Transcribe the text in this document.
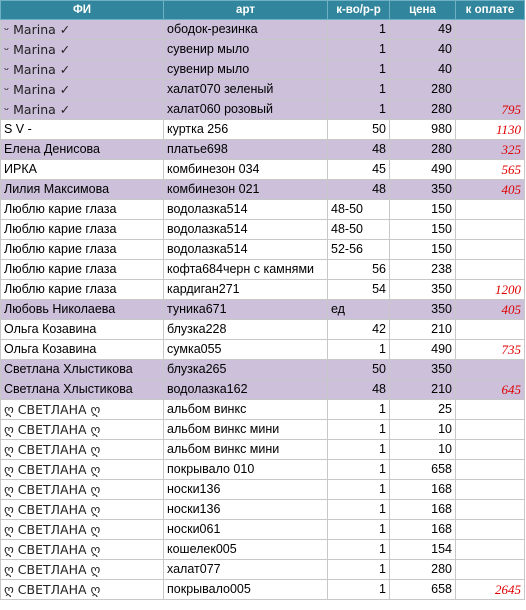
ФИ	арт	к-во/р-р	цена	к оплате
ᵕ Marina ✓	ободок-резинка	1	49	
ᵕ Marina ✓	сувенир мыло	1	40	
ᵕ Marina ✓	сувенир мыло	1	40	
ᵕ Marina ✓	халат070 зеленый	1	280	
ᵕ Marina ✓	халат060 розовый	1	280	795
S V -	куртка 256	50	980	1130
Елена Денисова	платье698	48	280	325
ИРКА	комбинезон 034	45	490	565
Лилия Максимова	комбинезон 021	48	350	405
Люблю карие глаза	водолазка514	48-50	150	
Люблю карие глаза	водолазка514	48-50	150	
Люблю карие глаза	водолазка514	52-56	150	
Люблю карие глаза	кофта684черн с камнями	56	238	
Люблю карие глаза	кардиган271	54	350	1200
Любовь Николаева	туника671	ед	350	405
Ольга Козавина	блузка228	42	210	
Ольга Козавина	сумка055	1	490	735
Светлана Хлыстикова	блузка265	50	350	
Светлана Хлыстикова	водолазка162	48	210	645
ღ СВЕТЛАНА ღ	альбом винкс	1	25	
ღ СВЕТЛАНА ღ	альбом винкс мини	1	10	
ღ СВЕТЛАНА ღ	альбом винкс мини	1	10	
ღ СВЕТЛАНА ღ	покрывало 010	1	658	
ღ СВЕТЛАНА ღ	носки136	1	168	
ღ СВЕТЛАНА ღ	носки136	1	168	
ღ СВЕТЛАНА ღ	носки061	1	168	
ღ СВЕТЛАНА ღ	кошелек005	1	154	
ღ СВЕТЛАНА ღ	халат077	1	280	
ღ СВЕТЛАНА ღ	покрывало005	1	658	2645
